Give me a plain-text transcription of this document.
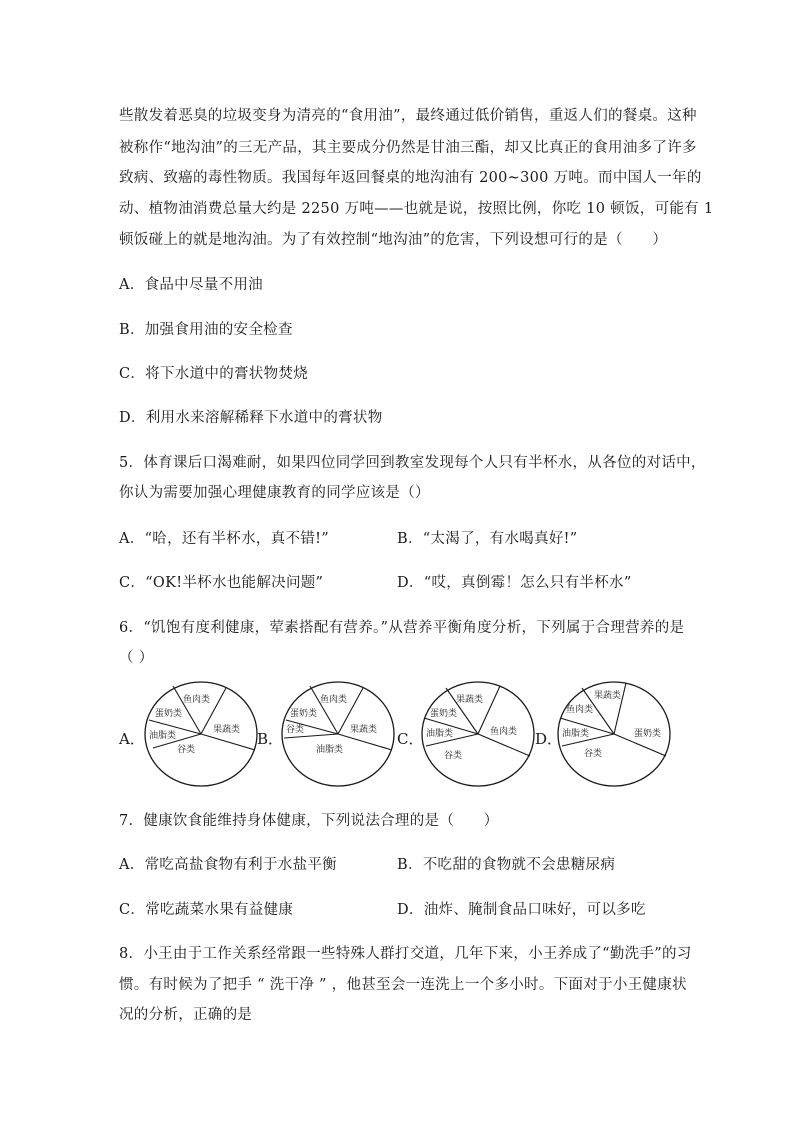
些散发着恶臭的垃圾变身为清亮的“食用油”，最终通过低价销售，重返人们的餐桌。这种
被称作“地沟油”的三无产品，其主要成分仍然是甘油三酯，却又比真正的食用油多了许多
致病、致癌的毒性物质。我国每年返回餐桌的地沟油有 200~300 万吨。而中国人一年的
动、植物油消费总量大约是 2250 万吨——也就是说，按照比例，你吃 10 顿饭，可能有 1
顿饭碰上的就是地沟油。为了有效控制“地沟油”的危害，下列设想可行的是（　　）
A．食品中尽量不用油
B．加强食用油的安全检查
C．将下水道中的膏状物焚烧
D．利用水来溶解稀释下水道中的膏状物
5．体育课后口渴难耐，如果四位同学回到教室发现每个人只有半杯水，从各位的对话中，
你认为需要加强心理健康教育的同学应该是（）
A．“哈，还有半杯水，真不错!”	B．“太渴了，有水喝真好!”
C．“OK!半杯水也能解决问题”	D．“哎，真倒霉！怎么只有半杯水”
6．“饥饱有度利健康，荤素搭配有营养。”从营养平衡角度分析，下列属于合理营养的是
（ ）
A．
鱼肉类
蛋奶类
果蔬类
油脂类
谷类
B．
鱼肉类
蛋奶类
果蔬类
谷类
油脂类
C．
果蔬类
蛋奶类
鱼肉类
油脂类
谷类
D．
果蔬类
鱼肉类
蛋奶类
油脂类
谷类
7．健康饮食能维持身体健康，下列说法合理的是（　　）
A．常吃高盐食物有利于水盐平衡	B．不吃甜的食物就不会患糖尿病
C．常吃蔬菜水果有益健康	D．油炸、腌制食品口味好，可以多吃
8．小王由于工作关系经常跟一些特殊人群打交道，几年下来，小王养成了“勤洗手”的习
惯。有时候为了把手 “ 洗干净 ” ，他甚至会一连洗上一个多小时。下面对于小王健康状
况的分析，正确的是
